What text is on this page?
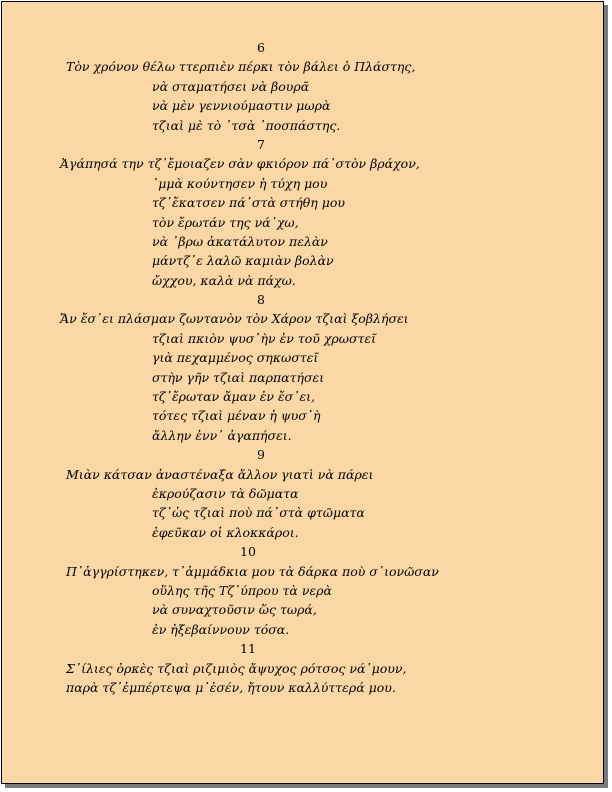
6
Τὸν χρόνον θέλω ττερπιὲν πέρκι τὸν βάλει ὁ Πλάστης,
νὰ σταματήσει νὰ βουρᾶ
νὰ μὲν γεννιούμαστιν μωρὰ
τζιαὶ μὲ τὸ ᾿τσὰ ᾿ποσπάστης.
7
Ἀγάπησά την τζ᾿ἔμοιαζεν σὰν φκιόρον πά᾿στὸν βράχον,
᾿μμὰ κούντησεν ἡ τύχη μου
τζ᾿ἔκατσεν πά᾿στὰ στήθη μου
τὸν ἔρωτάν της νά᾿χω,
νὰ ᾿βρω ἀκατάλυτον πελὰν
μάντζ᾿ε λαλῶ καμιὰν βολὰν
ὤχχου, καλὰ νὰ πάχω.
8
Ἄν ἔσ᾿ει πλάσμαν ζωντανὸν τὸν Χάρον τζιαὶ ξοβλήσει
τζιαὶ πκιὸν ψυσ᾿ὴν ἐν τοῦ χρωστεῖ
γιὰ πεχαμμένος σηκωστεῖ
στὴν γῆν τζιαὶ παρπατήσει
τζ᾿ἔρωταν ἄμαν ἐν ἔσ᾿ει,
τότες τζιαὶ μέναν ἡ ψυσ᾿ὴ
ἄλλην ἐνν᾿ ἀγαπήσει.
9
Μιὰν κάτσαν ἀναστέναξα ἄλλον γιατὶ νὰ πάρει
ἐκρούζασιν τὰ δῶματα
τζ᾿ὡς τζιαὶ ποὺ πά᾿στὰ φτῶματα
ἐφεῦκαν οἱ κλοκκάροι.
10
Π᾿ἀγγρίστηκεν, τ᾿ἀμμάδκια μου τὰ δάρκα ποὺ σ᾿ιονῶσαν
οὕλης τῆς Τζ᾿ύπρου τὰ νερὰ
νὰ συναχτοῦσιν ὥς τωρά,
ἐν ἠξεβαίννουν τόσα.
11
Σ᾿ίλιες ὀρκὲς τζιαὶ ριζιμιὸς ἄψυχος ρότσος νά᾿μουν,
παρὰ τζ᾿ἐμπέρτεψα μ᾿ἐσέν, ἤτουν καλλύττερά μου.
